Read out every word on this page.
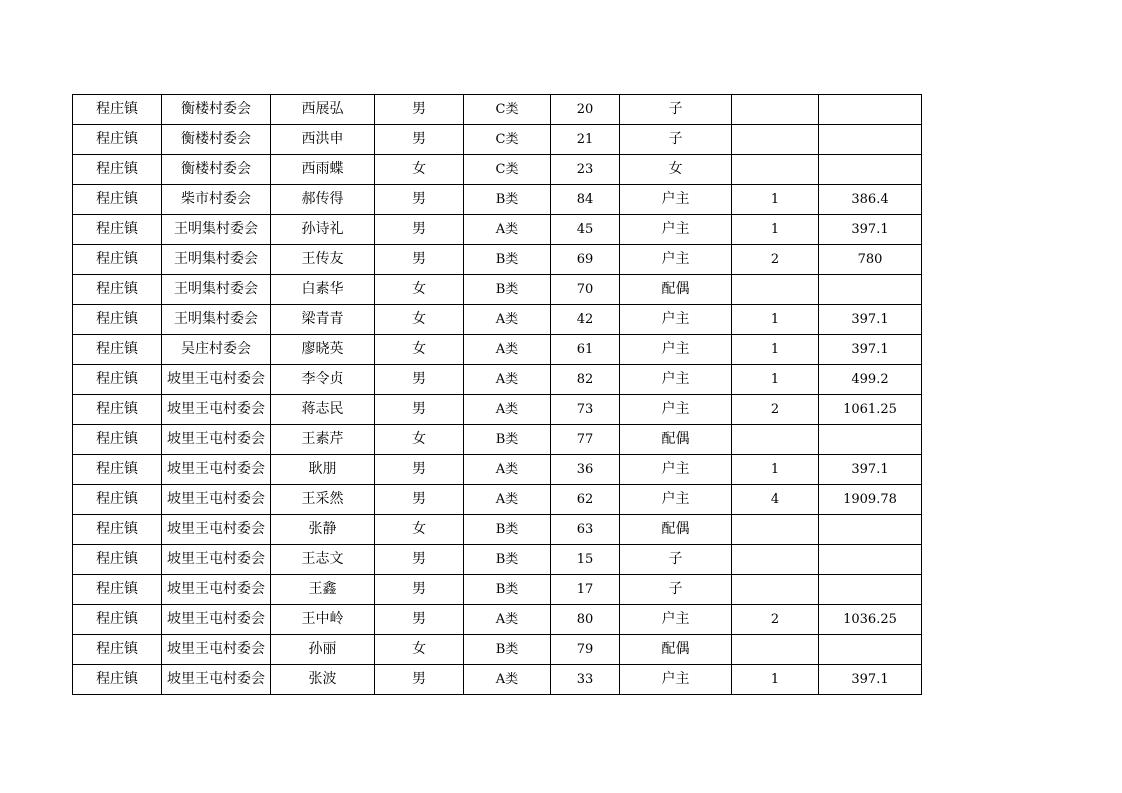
程庄镇	衡楼村委会	西展弘	男	C类	20	子		
程庄镇	衡楼村委会	西洪申	男	C类	21	子		
程庄镇	衡楼村委会	西雨蝶	女	C类	23	女		
程庄镇	柴市村委会	郝传得	男	B类	84	户主	1	386.4
程庄镇	王明集村委会	孙诗礼	男	A类	45	户主	1	397.1
程庄镇	王明集村委会	王传友	男	B类	69	户主	2	780
程庄镇	王明集村委会	白素华	女	B类	70	配偶		
程庄镇	王明集村委会	梁青青	女	A类	42	户主	1	397.1
程庄镇	吴庄村委会	廖晓英	女	A类	61	户主	1	397.1
程庄镇	坡里王屯村委会	李令贞	男	A类	82	户主	1	499.2
程庄镇	坡里王屯村委会	蒋志民	男	A类	73	户主	2	1061.25
程庄镇	坡里王屯村委会	王素芹	女	B类	77	配偶		
程庄镇	坡里王屯村委会	耿朋	男	A类	36	户主	1	397.1
程庄镇	坡里王屯村委会	王采然	男	A类	62	户主	4	1909.78
程庄镇	坡里王屯村委会	张静	女	B类	63	配偶		
程庄镇	坡里王屯村委会	王志文	男	B类	15	子		
程庄镇	坡里王屯村委会	王鑫	男	B类	17	子		
程庄镇	坡里王屯村委会	王中岭	男	A类	80	户主	2	1036.25
程庄镇	坡里王屯村委会	孙丽	女	B类	79	配偶		
程庄镇	坡里王屯村委会	张波	男	A类	33	户主	1	397.1
